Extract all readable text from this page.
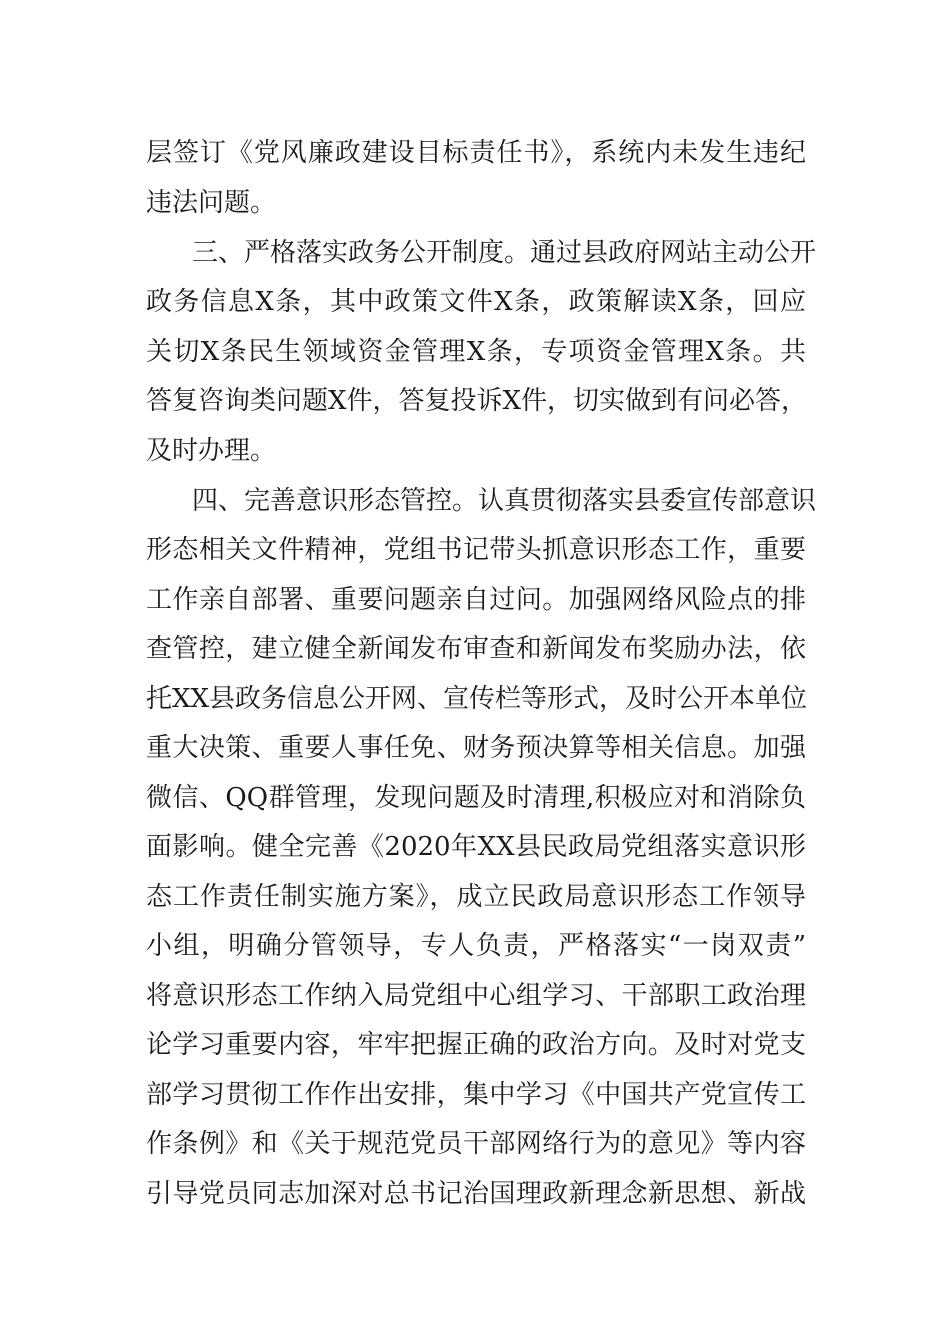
层签订《党风廉政建设目标责任书》，系统内未发生违纪
违法问题。
三、严格落实政务公开制度。通过县政府网站主动公开
政务信息X条，其中政策文件X条，政策解读X条，回应
关切X条民生领域资金管理X条，专项资金管理X条。共
答复咨询类问题X件，答复投诉X件，切实做到有问必答，
及时办理。
四、完善意识形态管控。认真贯彻落实县委宣传部意识
形态相关文件精神，党组书记带头抓意识形态工作，重要
工作亲自部署、重要问题亲自过问。加强网络风险点的排
查管控，建立健全新闻发布审查和新闻发布奖励办法，依
托XX县政务信息公开网、宣传栏等形式，及时公开本单位
重大决策、重要人事任免、财务预决算等相关信息。加强
微信、QQ群管理，发现问题及时清理,积极应对和消除负
面影响。健全完善《2020年XX县民政局党组落实意识形
态工作责任制实施方案》，成立民政局意识形态工作领导
小组，明确分管领导，专人负责，严格落实“一岗双责”
将意识形态工作纳入局党组中心组学习、干部职工政治理
论学习重要内容，牢牢把握正确的政治方向。及时对党支
部学习贯彻工作作出安排，集中学习《中国共产党宣传工
作条例》和《关于规范党员干部网络行为的意见》等内容
引导党员同志加深对总书记治国理政新理念新思想、新战
